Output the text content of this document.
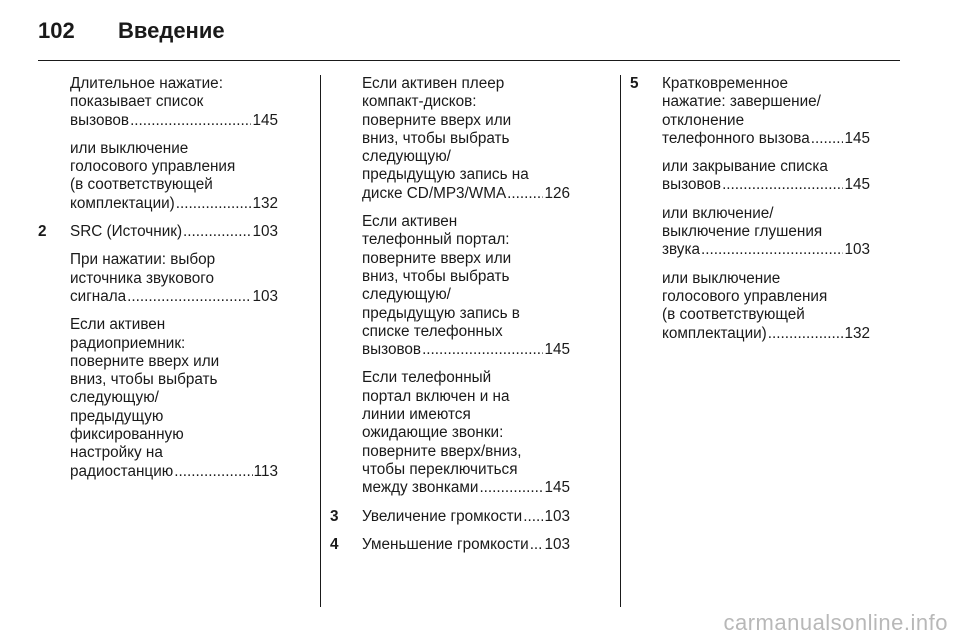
102	Введение
Длительное нажатие:
показывает список
вызовов .....	145
или выключение
голосового управления
(в соответствующей
комплектации) .....	132
2 SRC (Источник) .....	103
При нажатии: выбор
источника звукового
сигнала .....	103
Если активен
радиоприемник:
поверните вверх или
вниз, чтобы выбрать
следующую/
предыдущую
фиксированную
настройку на
радиостанцию .....	113
Если активен плеер
компакт-дисков:
поверните вверх или
вниз, чтобы выбрать
следующую/
предыдущую запись на
диске CD/MP3/WMA .....	126
Если активен
телефонный портал:
поверните вверх или
вниз, чтобы выбрать
следующую/
предыдущую запись в
списке телефонных
вызовов .....	145
Если телефонный
портал включен и на
линии имеются
ожидающие звонки:
поверните вверх/вниз,
чтобы переключиться
между звонками .....	145
3 Увеличение громкости ..... 103
4 Уменьшение громкости ..... 103
5 Кратковременное
нажатие: завершение/
отклонение
телефонного вызова ..... 145
или закрывание списка
вызовов .....	145
или включение/
выключение глушения
звука .....	103
или выключение
голосового управления
(в соответствующей
комплектации) .....	132
carmanualsonline.info
